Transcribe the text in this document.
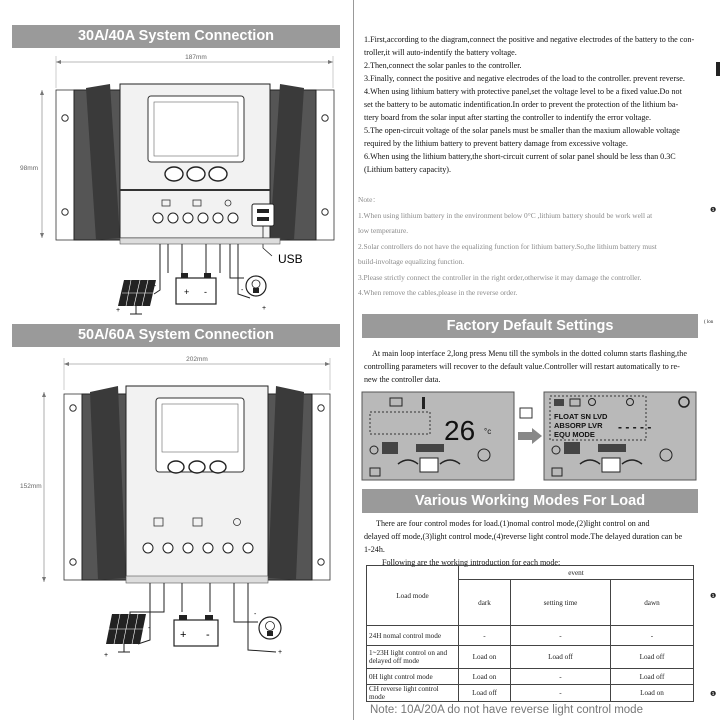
30A/40A System Connection
187mm
98mm
USB
+
-
+ -
+
-
50A/60A System Connection
202mm
152mm
+
-
+ -
+
-
1.First,according to the diagram,connect the positive and negative electrodes of the battery to the con-
troller,it will auto-indentify the battery voltage.
2.Then,connect the solar panles to the controller.
3.Finally, connect the positive and negative electrodes of the load to the controller. prevent reverse.
4.When using lithium battery with protective panel,set the voltage level to be a fixed value.Do not
set the battery to be automatic indentification.In order to prevent the protection of the lithium ba-
ttery board from the solar input after starting the controller to indentify the error voltage.
5.The open-circuit voltage of the solar panels must be smaller than the maxium allowable voltage
required by the lithium battery to prevent battery damage from excessive voltage.
6.When using the lithium battery,the short-circuit current of solar panel should be less than 0.3C
(Lithium battery capacity).
Note：
1.When using lithium battery in the environment below 0°C ,lithium battery should be work well at
low temperature.
2.Solar controllers do not have the equalizing function for lithium battery.So,the lithium battery must
build-involtage equalizing function.
3.Please strictly connect the controller in the right order,otherwise it may damage the controller.
4.When remove the cables,please in the reverse order.
Factory Default Settings
At main loop interface 2,long press Menu till the symbols in the dotted column starts flashing,the
controlling parameters will recover to the default value.Controller will restart automatically to re-
new the controller data.
26 °c
FLOAT SN LVD
ABSORP LVR
EQU MODE
- - - - -
Various Working Modes For Load
There are four control modes for load.(1)nomal control mode,(2)light control on and
delayed off mode,(3)light control mode,(4)reverse light control mode.The delayed duration can be
1-24h.
Following are the working introduction for each mode:
Load mode	event		
	dark	setting time	dawn
24H nomal control mode	-	-	-
1~23H light control on and delayed off mode	Load on	Load off	Load off
0H light control mode	Load on	-	Load off
CH reverse light control mode	Load off	-	Load on
Note: 10A/20A do not have reverse light control mode
❶
( lon
❶
❶
